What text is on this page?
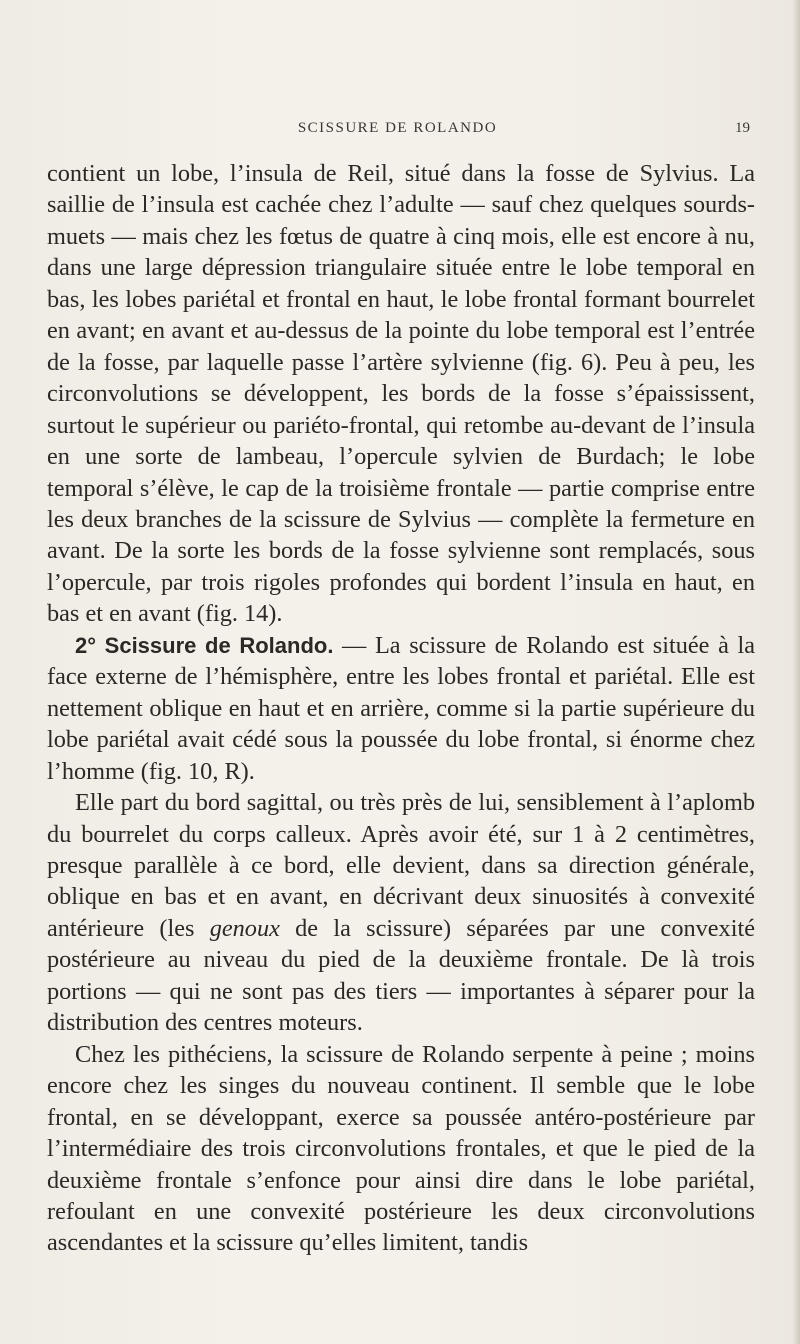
SCISSURE DE ROLANDO	19

contient un lobe, l’insula de Reil, situé dans la fosse de Sylvius. La saillie de l’insula est cachée chez l’adulte — sauf chez quelques sourds-muets — mais chez les fœtus de quatre à cinq mois, elle est encore à nu, dans une large dépression triangulaire située entre le lobe temporal en bas, les lobes pariétal et frontal en haut, le lobe frontal formant bourrelet en avant; en avant et au-dessus de la pointe du lobe temporal est l’entrée de la fosse, par laquelle passe l’artère sylvienne (fig. 6). Peu à peu, les circonvolutions se développent, les bords de la fosse s’épaississent, surtout le supérieur ou pariéto-frontal, qui retombe au-devant de l’insula en une sorte de lambeau, l’opercule sylvien de Burdach; le lobe temporal s’élève, le cap de la troisième frontale — partie comprise entre les deux branches de la scissure de Sylvius — complète la fermeture en avant. De la sorte les bords de la fosse sylvienne sont remplacés, sous l’opercule, par trois rigoles profondes qui bordent l’insula en haut, en bas et en avant (fig. 14).

2° Scissure de Rolando. — La scissure de Rolando est située à la face externe de l’hémisphère, entre les lobes frontal et pariétal. Elle est nettement oblique en haut et en arrière, comme si la partie supérieure du lobe pariétal avait cédé sous la poussée du lobe frontal, si énorme chez l’homme (fig. 10, R).

Elle part du bord sagittal, ou très près de lui, sensiblement à l’aplomb du bourrelet du corps calleux. Après avoir été, sur 1 à 2 centimètres, presque parallèle à ce bord, elle devient, dans sa direction générale, oblique en bas et en avant, en décrivant deux sinuosités à convexité antérieure (les genoux de la scissure) séparées par une convexité postérieure au niveau du pied de la deuxième frontale. De là trois portions — qui ne sont pas des tiers — importantes à séparer pour la distribution des centres moteurs.

Chez les pithéciens, la scissure de Rolando serpente à peine ; moins encore chez les singes du nouveau continent. Il semble que le lobe frontal, en se développant, exerce sa poussée antéro-postérieure par l’intermédiaire des trois circonvolutions frontales, et que le pied de la deuxième frontale s’enfonce pour ainsi dire dans le lobe pariétal, refoulant en une convexité postérieure les deux circonvolutions ascendantes et la scissure qu’elles limitent, tandis
